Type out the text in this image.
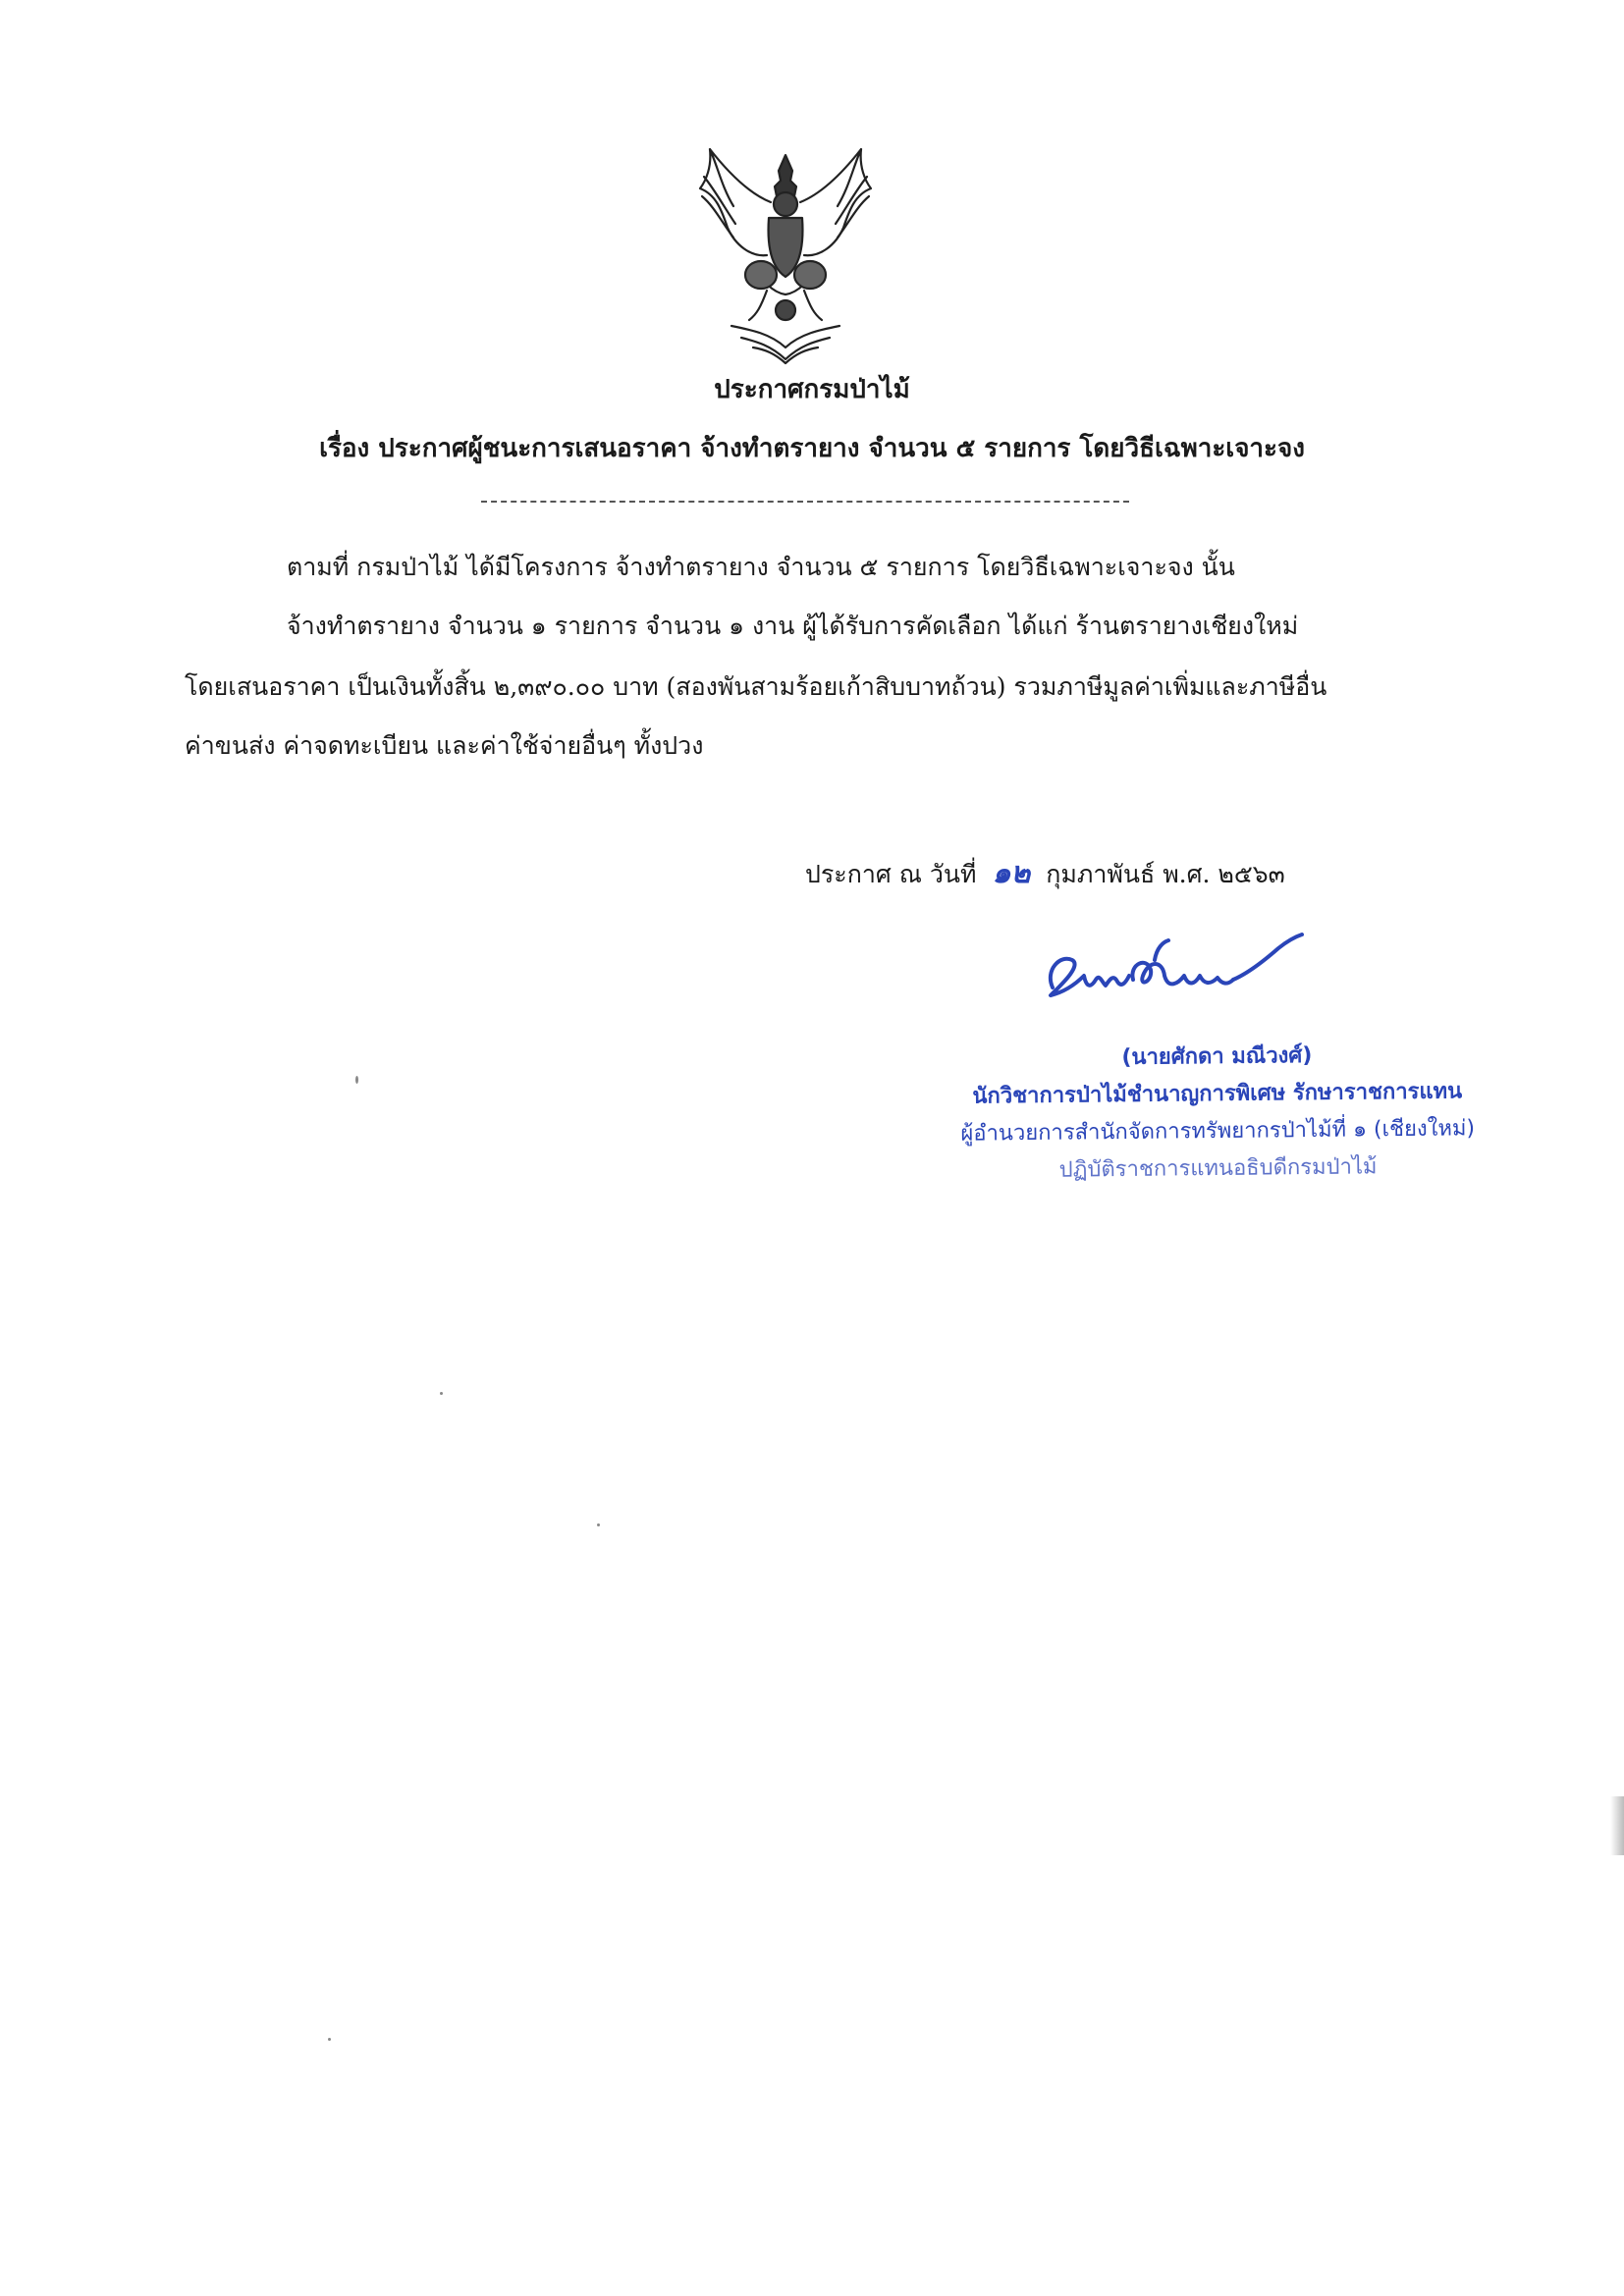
ประกาศกรมป่าไม้
เรื่อง ประกาศผู้ชนะการเสนอราคา จ้างทำตรายาง จำนวน ๕ รายการ โดยวิธีเฉพาะเจาะจง
ตามที่ กรมป่าไม้ ได้มีโครงการ จ้างทำตรายาง จำนวน ๕ รายการ โดยวิธีเฉพาะเจาะจง นั้น
จ้างทำตรายาง จำนวน ๑ รายการ จำนวน ๑ งาน ผู้ได้รับการคัดเลือก ได้แก่ ร้านตรายางเชียงใหม่
โดยเสนอราคา เป็นเงินทั้งสิ้น ๒,๓๙๐.๐๐ บาท (สองพันสามร้อยเก้าสิบบาทถ้วน) รวมภาษีมูลค่าเพิ่มและภาษีอื่น
ค่าขนส่ง ค่าจดทะเบียน และค่าใช้จ่ายอื่นๆ ทั้งปวง
ประกาศ ณ วันที่ ๑๒ กุมภาพันธ์ พ.ศ. ๒๕๖๓
(นายศักดา มณีวงศ์)
นักวิชาการป่าไม้ชำนาญการพิเศษ รักษาราชการแทน
ผู้อำนวยการสำนักจัดการทรัพยากรป่าไม้ที่ ๑ (เชียงใหม่)
ปฏิบัติราชการแทนอธิบดีกรมป่าไม้
